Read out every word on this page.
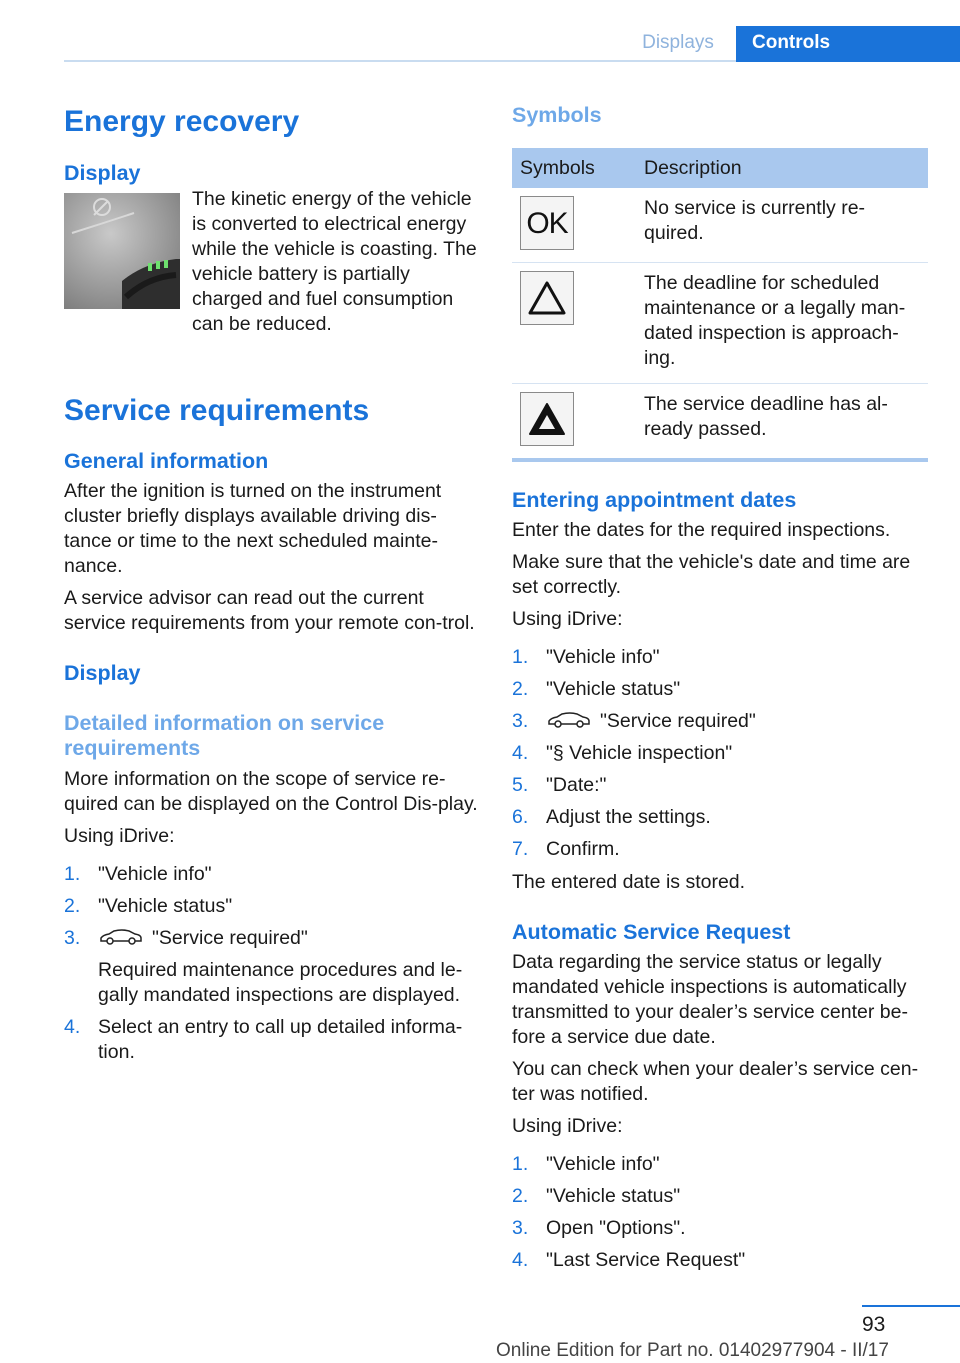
Displays	Controls
Energy recovery
Display

The kinetic energy of the vehicle is converted to electrical energy while the vehicle is coasting. The vehicle battery is partially charged and fuel consumption can be reduced.

Service requirements
General information

After the ignition is turned on the instrument cluster briefly displays available driving dis-tance or time to the next scheduled mainte-nance.

A service advisor can read out the current service requirements from your remote con-trol.

Display
Detailed information on service requirements

More information on the scope of service re-quired can be displayed on the Control Dis-play.

Using iDrive:

1. "Vehicle info"
2. "Vehicle status"
3.	"Service required"
Required maintenance procedures and le-gally mandated inspections are displayed.
4. Select an entry to call up detailed informa-tion.
Symbols
Symbols	Description

OK	No service is currently re-quired.

	The deadline for scheduled maintenance or a legally man-dated inspection is approach-ing.

	The service deadline has al-ready passed.
Entering appointment dates

Enter the dates for the required inspections.

Make sure that the vehicle's date and time are set correctly.

Using iDrive:

1. "Vehicle info"
2. "Vehicle status"
3.	"Service required"
4. "§ Vehicle inspection"
5. "Date:"
6. Adjust the settings.
7. Confirm.

The entered date is stored.

Automatic Service Request

Data regarding the service status or legally mandated vehicle inspections is automatically transmitted to your dealer’s service center be-fore a service due date.

You can check when your dealer’s service cen-ter was notified.

Using iDrive:

1. "Vehicle info"
2. "Vehicle status"
3. Open "Options".
4. "Last Service Request"
93
Online Edition for Part no. 01402977904 - II/17
